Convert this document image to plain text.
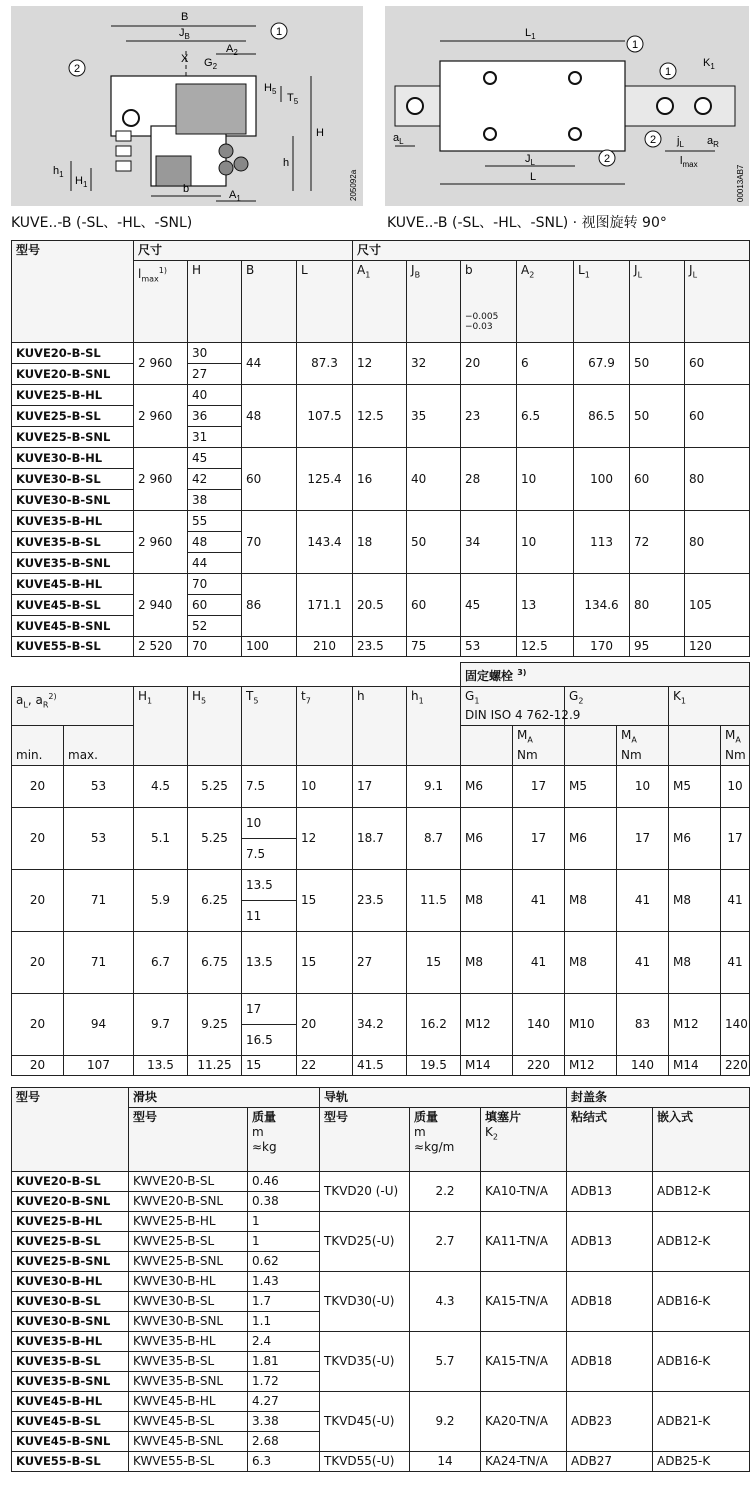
B
$J_B$
$A_2$
X $G_2$
$H_5$
$T_5$
H
h
$h_1$
$H_1$	b	$A_1$
1
2
205092a
KUVE..-B (-SL、-HL、-SNL)
$L_1$
$K_1$
$a_L$
$J_L$
L
$j_L$ $a_R$
$l_{max}$
1
1
2
2
00013AB7
KUVE..-B (-SL、-HL、-SNL) · 视图旋转 90°
型号	尺寸				尺寸						
	$l_{max}^{1)}$	H	B	L	$A_1$	$J_B$	b
−0.005
−0.03	$A_2$	$L_1$	$J_L$	$J_L$
KUVE20-B-SL	2 960	30	44	87.3	12	32	20	6	67.9	50	60
KUVE20-B-SNL		27									
KUVE25-B-HL	2 960	40	48	107.5	12.5	35	23	6.5	86.5	50	60
KUVE25-B-SL		36									
KUVE25-B-SNL		31									
KUVE30-B-HL	2 960	45	60	125.4	16	40	28	10	100	60	80
KUVE30-B-SL		42									
KUVE30-B-SNL		38									
KUVE35-B-HL	2 960	55	70	143.4	18	50	34	10	113	72	80
KUVE35-B-SL		48									
KUVE35-B-SNL		44									
KUVE45-B-HL	2 940	70	86	171.1	20.5	60	45	13	134.6	80	105
KUVE45-B-SL		60									
KUVE45-B-SNL		52									
KUVE55-B-SL	2 520	70	100	210	23.5	75	53	12.5	170	95	120
								固定螺栓 $^{3)}$
$a_L$, $a_R^{2)}$		$H_1$	$H_5$	$T_5$	$t_7$	h	$h_1$	$G_1$
DIN ISO 4 762-12.9		$G_2$		$K_1$
min.	max.								$M_A$
Nm		$M_A$
Nm		$M_A$
Nm

20	53	4.5	5.25	7.5	10	17	9.1	M6	17	M5	10	M5	10
20	53	5.1	5.25	10	12	18.7	8.7	M6	17	M6	17	M6	17
				7.5									
20	71	5.9	6.25	13.5	15	23.5	11.5	M8	41	M8	41	M8	41
				11									
20	71	6.7	6.75	13.5	15	27	15	M8	41	M8	41	M8	41
20	94	9.7	9.25	17	20	34.2	16.2	M12	140	M10	83	M12	140
				16.5									
20	107	13.5	11.25	15	22	41.5	19.5	M14	220	M12	140	M14	220
型号	滑块		导轨			封盖条	
	型号	质量
m
≈kg	型号	质量
m
≈kg/m	填塞片
$K_2$	粘结式	嵌入式
KUVE20-B-SL	KWVE20-B-SL	0.46	TKVD20 (-U)	2.2	KA10-TN/A	ADB13	ADB12-K
KUVE20-B-SNL	KWVE20-B-SNL	0.38					
KUVE25-B-HL	KWVE25-B-HL	1	TKVD25(-U)	2.7	KA11-TN/A	ADB13	ADB12-K
KUVE25-B-SL	KWVE25-B-SL	1					
KUVE25-B-SNL	KWVE25-B-SNL	0.62					
KUVE30-B-HL	KWVE30-B-HL	1.43	TKVD30(-U)	4.3	KA15-TN/A	ADB18	ADB16-K
KUVE30-B-SL	KWVE30-B-SL	1.7					
KUVE30-B-SNL	KWVE30-B-SNL	1.1					
KUVE35-B-HL	KWVE35-B-HL	2.4	TKVD35(-U)	5.7	KA15-TN/A	ADB18	ADB16-K
KUVE35-B-SL	KWVE35-B-SL	1.81					
KUVE35-B-SNL	KWVE35-B-SNL	1.72					
KUVE45-B-HL	KWVE45-B-HL	4.27	TKVD45(-U)	9.2	KA20-TN/A	ADB23	ADB21-K
KUVE45-B-SL	KWVE45-B-SL	3.38					
KUVE45-B-SNL	KWVE45-B-SNL	2.68					
KUVE55-B-SL	KWVE55-B-SL	6.3	TKVD55(-U)	14	KA24-TN/A	ADB27	ADB25-K
